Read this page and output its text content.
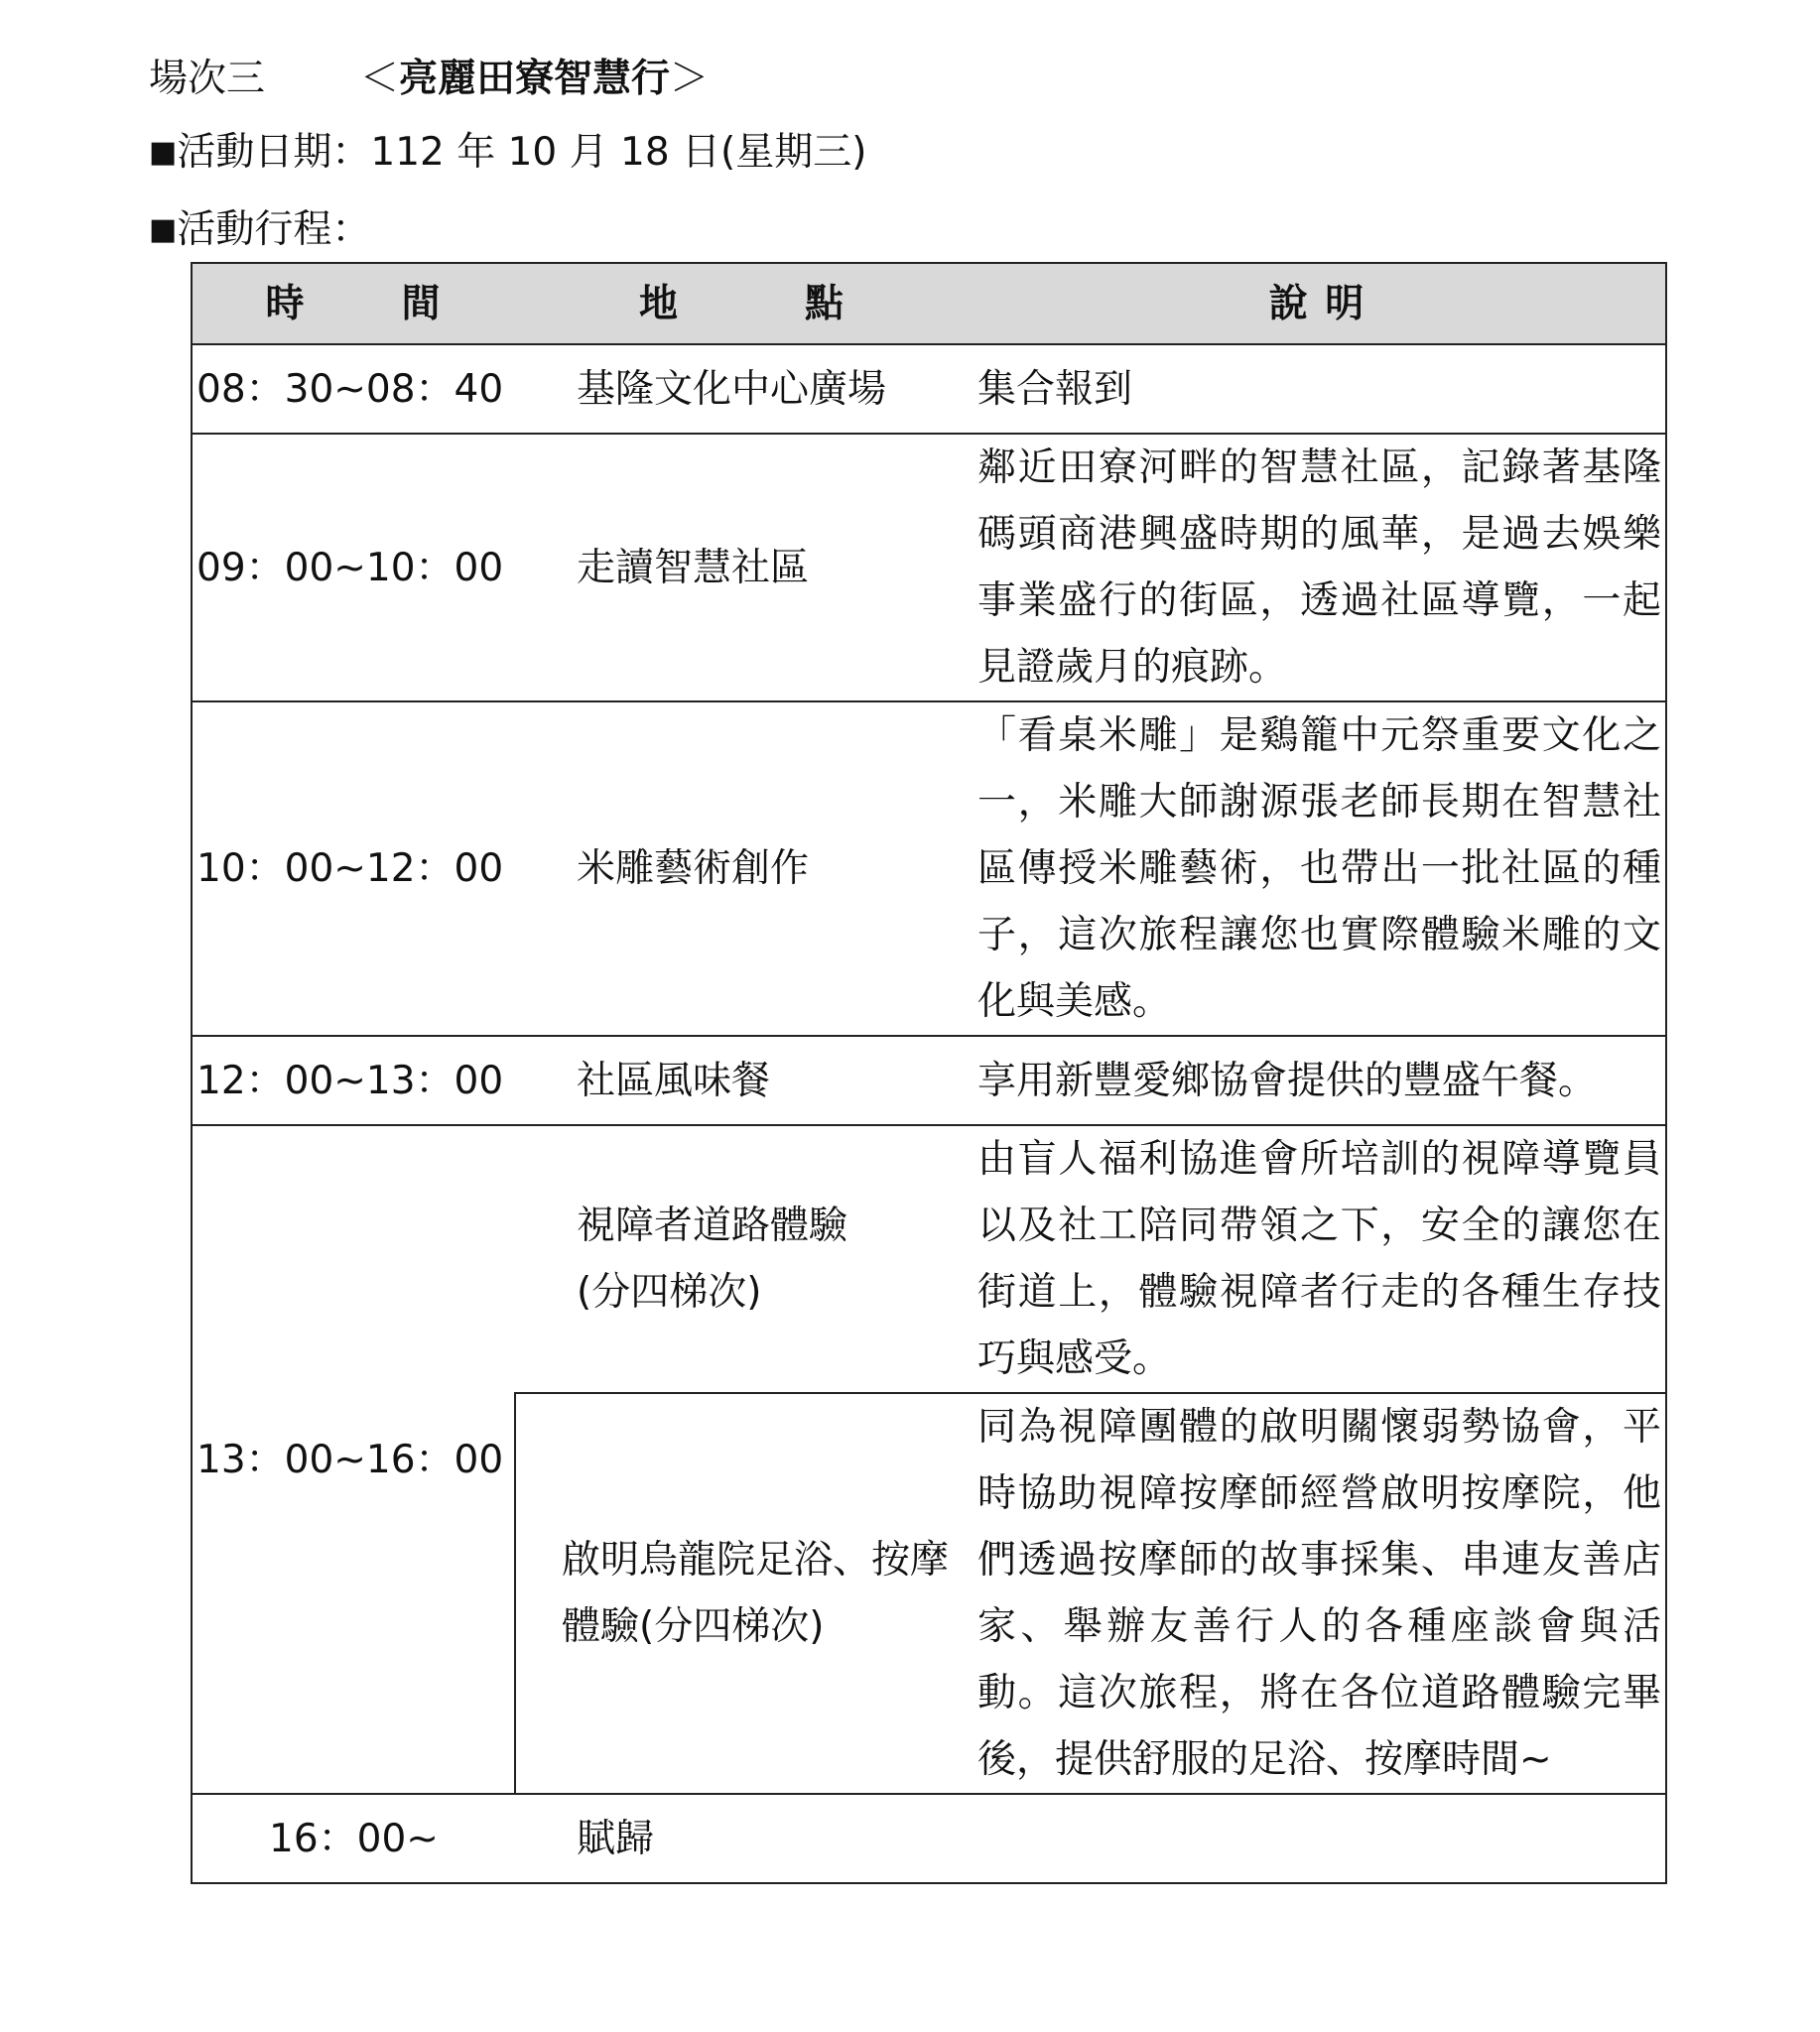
場次三 ＜亮麗田寮智慧行＞
■活動日期：112 年 10 月 18 日(星期三)
■活動行程：
時 間	地 點	說 明
08：30~08：40	基隆文化中心廣場	集合報到
09：00~10：00	走讀智慧社區	鄰近田寮河畔的智慧社區，記錄著基隆碼頭商港興盛時期的風華，是過去娛樂事業盛行的街區，透過社區導覽，一起見證歲月的痕跡。
10：00~12：00	米雕藝術創作	「看桌米雕」是鷄籠中元祭重要文化之一，米雕大師謝源張老師長期在智慧社區傳授米雕藝術，也帶出一批社區的種子，這次旅程讓您也實際體驗米雕的文化與美感。
12：00~13：00	社區風味餐	享用新豐愛鄉協會提供的豐盛午餐。
13：00~16：00	視障者道路體驗(分四梯次)	由盲人福利協進會所培訓的視障導覽員以及社工陪同帶領之下，安全的讓您在街道上，體驗視障者行走的各種生存技巧與感受。
	啟明烏龍院足浴、按摩體驗(分四梯次)	同為視障團體的啟明關懷弱勢協會，平時協助視障按摩師經營啟明按摩院，他們透過按摩師的故事採集、串連友善店家、舉辦友善行人的各種座談會與活動。這次旅程，將在各位道路體驗完畢後，提供舒服的足浴、按摩時間~
16：00~	賦歸	
